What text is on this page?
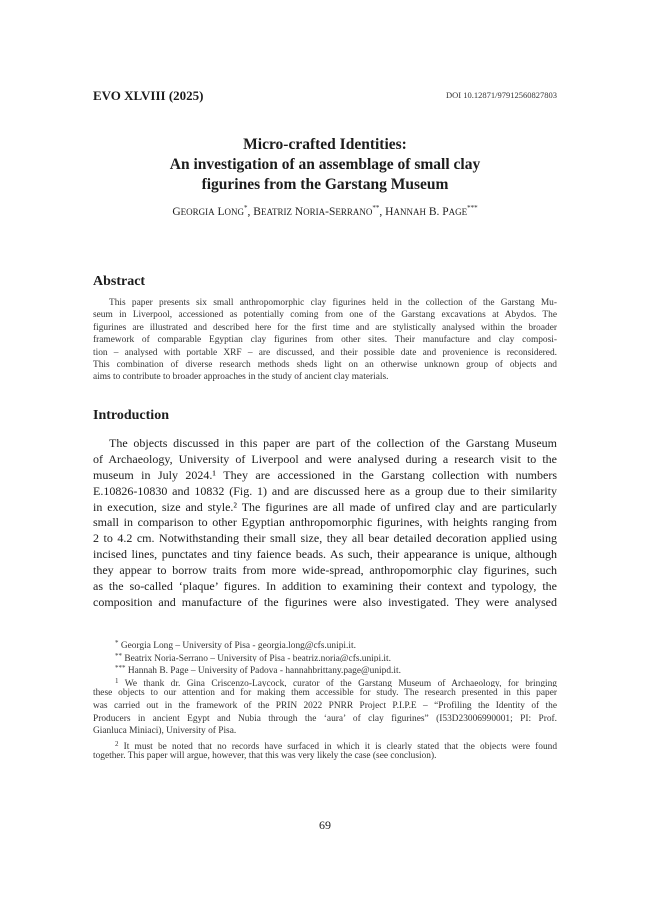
EVO XLVIII (2025)	DOI 10.12871/97912560827803
Micro-crafted Identities:
An investigation of an assemblage of small clay
figurines from the Garstang Museum
GEORGIA LONG*, BEATRIZ NORIA-SERRANO**, HANNAH B. PAGE***
Abstract
This paper presents six small anthropomorphic clay figurines held in the collection of the Garstang Mu-
seum in Liverpool, accessioned as potentially coming from one of the Garstang excavations at Abydos. The
figurines are illustrated and described here for the first time and are stylistically analysed within the broader
framework of comparable Egyptian clay figurines from other sites. Their manufacture and clay composi-
tion – analysed with portable XRF – are discussed, and their possible date and provenience is reconsidered.
This combination of diverse research methods sheds light on an otherwise unknown group of objects and
aims to contribute to broader approaches in the study of ancient clay materials.
Introduction
The objects discussed in this paper are part of the collection of the Garstang Museum
of Archaeology, University of Liverpool and were analysed during a research visit to the
museum in July 2024.¹ They are accessioned in the Garstang collection with numbers
E.10826-10830 and 10832 (Fig. 1) and are discussed here as a group due to their similarity
in execution, size and style.² The figurines are all made of unfired clay and are particularly
small in comparison to other Egyptian anthropomorphic figurines, with heights ranging from
2 to 4.2 cm. Notwithstanding their small size, they all bear detailed decoration applied using
incised lines, punctates and tiny faience beads. As such, their appearance is unique, although
they appear to borrow traits from more wide-spread, anthropomorphic clay figurines, such
as the so-called ‘plaque’ figures. In addition to examining their context and typology, the
composition and manufacture of the figurines were also investigated. They were analysed
* Georgia Long – University of Pisa - georgia.long@cfs.unipi.it.
** Beatrix Noria-Serrano – University of Pisa - beatriz.noria@cfs.unipi.it.
*** Hannah B. Page – University of Padova - hannahbrittany.page@unipd.it.
$^1$ We thank dr. Gina Criscenzo-Laycock, curator of the Garstang Museum of Archaeology, for bringing
these objects to our attention and for making them accessible for study. The research presented in this paper
was carried out in the framework of the PRIN 2022 PNRR Project P.I.P.E – “Profiling the Identity of the
Producers in ancient Egypt and Nubia through the ‘aura’ of clay figurines” (I53D23006990001; PI: Prof.
Gianluca Miniaci), University of Pisa.
$^2$ It must be noted that no records have surfaced in which it is clearly stated that the objects were found
together. This paper will argue, however, that this was very likely the case (see conclusion).
69
